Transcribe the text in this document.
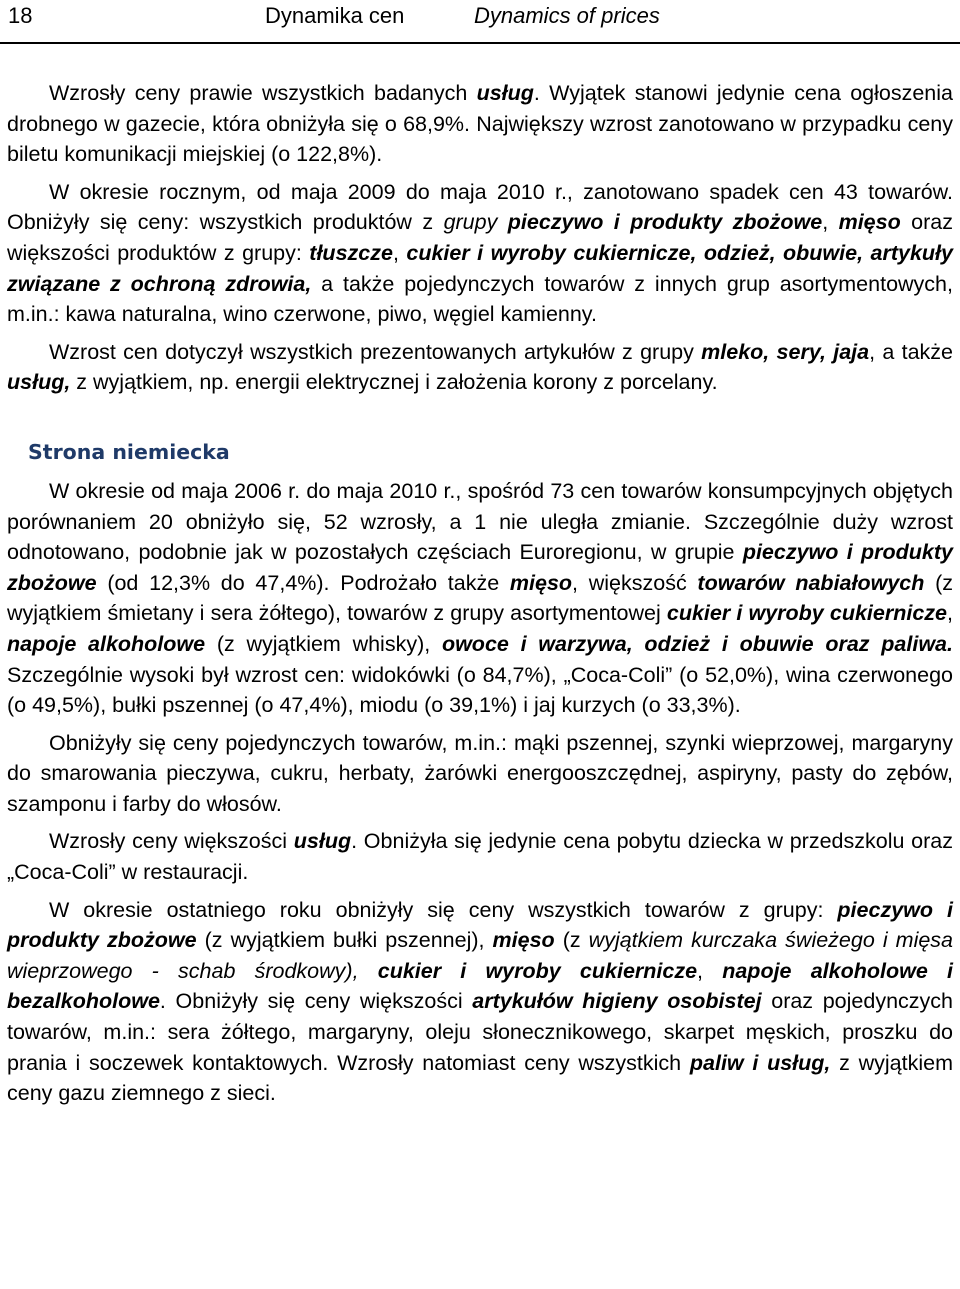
18	Dynamika cen	Dynamics of prices

Wzrosły ceny prawie wszystkich badanych usług. Wyjątek stanowi jedynie cena ogłoszenia drobnego w gazecie, która obniżyła się o 68,9%. Największy wzrost zanotowano w przypadku ceny biletu komunikacji miejskiej (o 122,8%).

W okresie rocznym, od maja 2009 do maja 2010 r., zanotowano spadek cen 43 towarów. Obniżyły się ceny: wszystkich produktów z grupy pieczywo i produkty zbożowe, mięso oraz większości produktów z grupy: tłuszcze, cukier i wyroby cukiernicze, odzież, obuwie, artykuły związane z ochroną zdrowia, a także pojedynczych towarów z innych grup asortymentowych, m.in.: kawa naturalna, wino czerwone, piwo, węgiel kamienny.

Wzrost cen dotyczył wszystkich prezentowanych artykułów z grupy mleko, sery, jaja, a także usług, z wyjątkiem, np. energii elektrycznej i założenia korony z porcelany.

Strona niemiecka

W okresie od maja 2006 r. do maja 2010 r., spośród 73 cen towarów konsumpcyjnych objętych porównaniem 20 obniżyło się, 52 wzrosły, a 1 nie uległa zmianie. Szczególnie duży wzrost odnotowano, podobnie jak w pozostałych częściach Euroregionu, w grupie pieczywo i produkty zbożowe (od 12,3% do 47,4%). Podrożało także mięso, większość towarów nabiałowych (z wyjątkiem śmietany i sera żółtego), towarów z grupy asortymentowej cukier i wyroby cukiernicze, napoje alkoholowe (z wyjątkiem whisky), owoce i warzywa, odzież i obuwie oraz paliwa. Szczególnie wysoki był wzrost cen: widokówki (o 84,7%), „Coca-Coli” (o 52,0%), wina czerwonego (o 49,5%), bułki pszennej (o 47,4%), miodu (o 39,1%) i jaj kurzych (o 33,3%).

Obniżyły się ceny pojedynczych towarów, m.in.: mąki pszennej, szynki wieprzowej, margaryny do smarowania pieczywa, cukru, herbaty, żarówki energooszczędnej, aspiryny, pasty do zębów, szamponu i farby do włosów.

Wzrosły ceny większości usług. Obniżyła się jedynie cena pobytu dziecka w przedszkolu oraz „Coca-Coli” w restauracji.

W okresie ostatniego roku obniżyły się ceny wszystkich towarów z grupy: pieczywo i produkty zbożowe (z wyjątkiem bułki pszennej), mięso (z wyjątkiem kurczaka świeżego i mięsa wieprzowego - schab środkowy), cukier i wyroby cukiernicze, napoje alkoholowe i bezalkoholowe. Obniżyły się ceny większości artykułów higieny osobistej oraz pojedynczych towarów, m.in.: sera żółtego, margaryny, oleju słonecznikowego, skarpet męskich, proszku do prania i soczewek kontaktowych. Wzrosły natomiast ceny wszystkich paliw i usług, z wyjątkiem ceny gazu ziemnego z sieci.
